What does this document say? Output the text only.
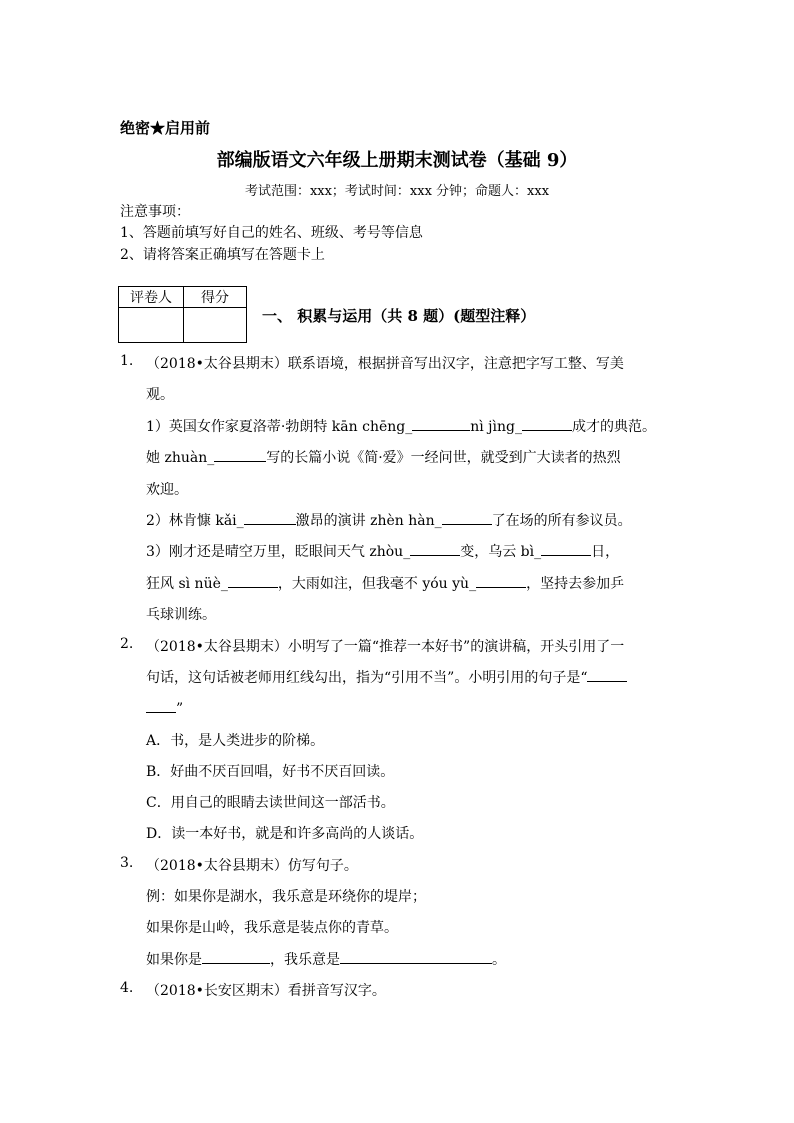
绝密★启用前
部编版语文六年级上册期末测试卷（基础 9）
考试范围：xxx；考试时间：xxx 分钟；命题人：xxx
注意事项：
1、答题前填写好自己的姓名、班级、考号等信息
2、请将答案正确填写在答题卡上
评卷人	得分

一、 积累与运用（共 8 题）(题型注释）
1. （2018•太谷县期末）联系语境，根据拼音写出汉字，注意把字写工整、写美
观。
1）英国女作家夏洛蒂·勃朗特 kān chēng_	nì jìng_	成才的典范。
她 zhuàn_	写的长篇小说《简·爱》一经问世，就受到广大读者的热烈
欢迎。
2）林肯慷 kǎi_	激昂的演讲 zhèn hàn_	了在场的所有参议员。
3）刚才还是晴空万里，眨眼间天气 zhòu_	变，乌云 bì_	日，
狂风 sì nüè_	，大雨如注，但我毫不 yóu yù_	，坚持去参加乒
乓球训练。
2. （2018•太谷县期末）小明写了一篇“推荐一本好书”的演讲稿，开头引用了一
句话，这句话被老师用红线勾出，指为“引用不当”。小明引用的句子是“
”
A．书，是人类进步的阶梯。
B．好曲不厌百回唱，好书不厌百回读。
C．用自己的眼睛去读世间这一部活书。
D．读一本好书，就是和许多高尚的人谈话。
3. （2018•太谷县期末）仿写句子。
例：如果你是湖水，我乐意是环绕你的堤岸；
如果你是山岭，我乐意是装点你的青草。
如果你是	，我乐意是	。
4. （2018•长安区期末）看拼音写汉字。
